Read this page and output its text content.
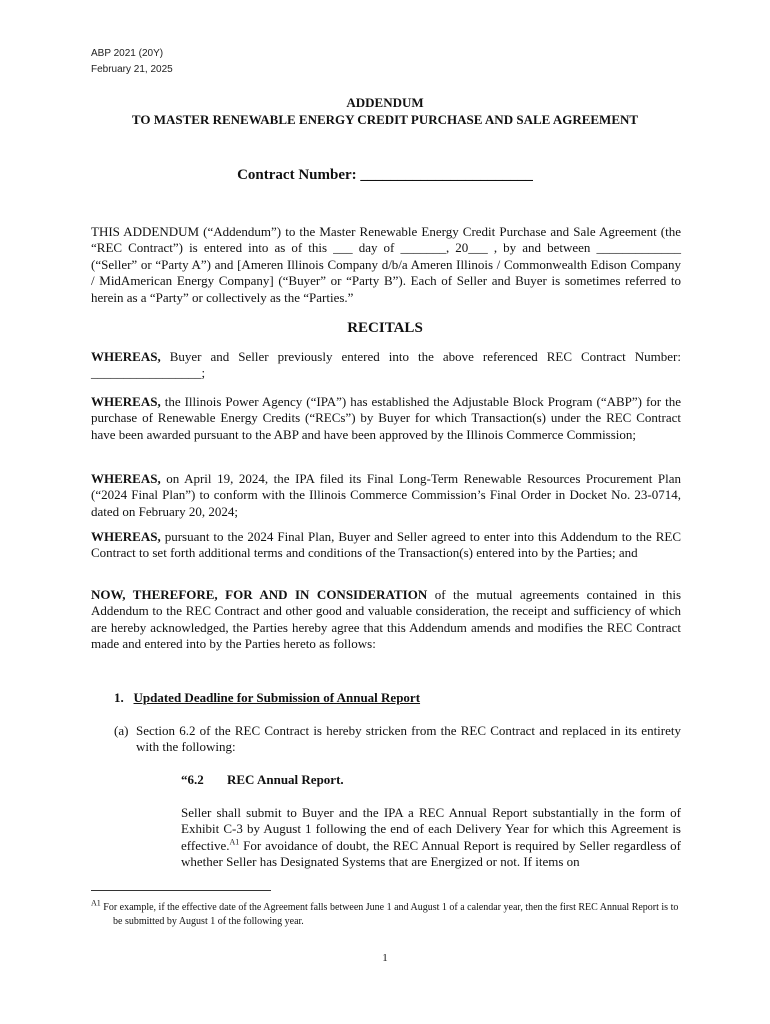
ABP 2021 (20Y)
February 21, 2025
ADDENDUM
TO MASTER RENEWABLE ENERGY CREDIT PURCHASE AND SALE AGREEMENT
Contract Number: _______________________
THIS ADDENDUM (“Addendum”) to the Master Renewable Energy Credit Purchase and Sale Agreement (the “REC Contract”) is entered into as of this ___ day of _______, 20___ , by and between _____________ (“Seller” or “Party A”) and [Ameren Illinois Company d/b/a Ameren Illinois / Commonwealth Edison Company / MidAmerican Energy Company] (“Buyer” or “Party B”). Each of Seller and Buyer is sometimes referred to herein as a “Party” or collectively as the “Parties.”
RECITALS
WHEREAS, Buyer and Seller previously entered into the above referenced REC Contract Number: _________________;
WHEREAS, the Illinois Power Agency (“IPA”) has established the Adjustable Block Program (“ABP”) for the purchase of Renewable Energy Credits (“RECs”) by Buyer for which Transaction(s) under the REC Contract have been awarded pursuant to the ABP and have been approved by the Illinois Commerce Commission;
WHEREAS, on April 19, 2024, the IPA filed its Final Long-Term Renewable Resources Procurement Plan (“2024 Final Plan”) to conform with the Illinois Commerce Commission’s Final Order in Docket No. 23-0714, dated on February 20, 2024;
WHEREAS, pursuant to the 2024 Final Plan, Buyer and Seller agreed to enter into this Addendum to the REC Contract to set forth additional terms and conditions of the Transaction(s) entered into by the Parties; and
NOW, THEREFORE, FOR AND IN CONSIDERATION of the mutual agreements contained in this Addendum to the REC Contract and other good and valuable consideration, the receipt and sufficiency of which are hereby acknowledged, the Parties hereby agree that this Addendum amends and modifies the REC Contract made and entered into by the Parties hereto as follows:
1. Updated Deadline for Submission of Annual Report
(a) Section 6.2 of the REC Contract is hereby stricken from the REC Contract and replaced in its entirety with the following:
“6.2 REC Annual Report.
Seller shall submit to Buyer and the IPA a REC Annual Report substantially in the form of Exhibit C-3 by August 1 following the end of each Delivery Year for which this Agreement is effective.$^{A1}$ For avoidance of doubt, the REC Annual Report is required by Seller regardless of whether Seller has Designated Systems that are Energized or not. If items on
$^{A1}$ For example, if the effective date of the Agreement falls between June 1 and August 1 of a calendar year, then the first REC Annual Report is to be submitted by August 1 of the following year.
1
